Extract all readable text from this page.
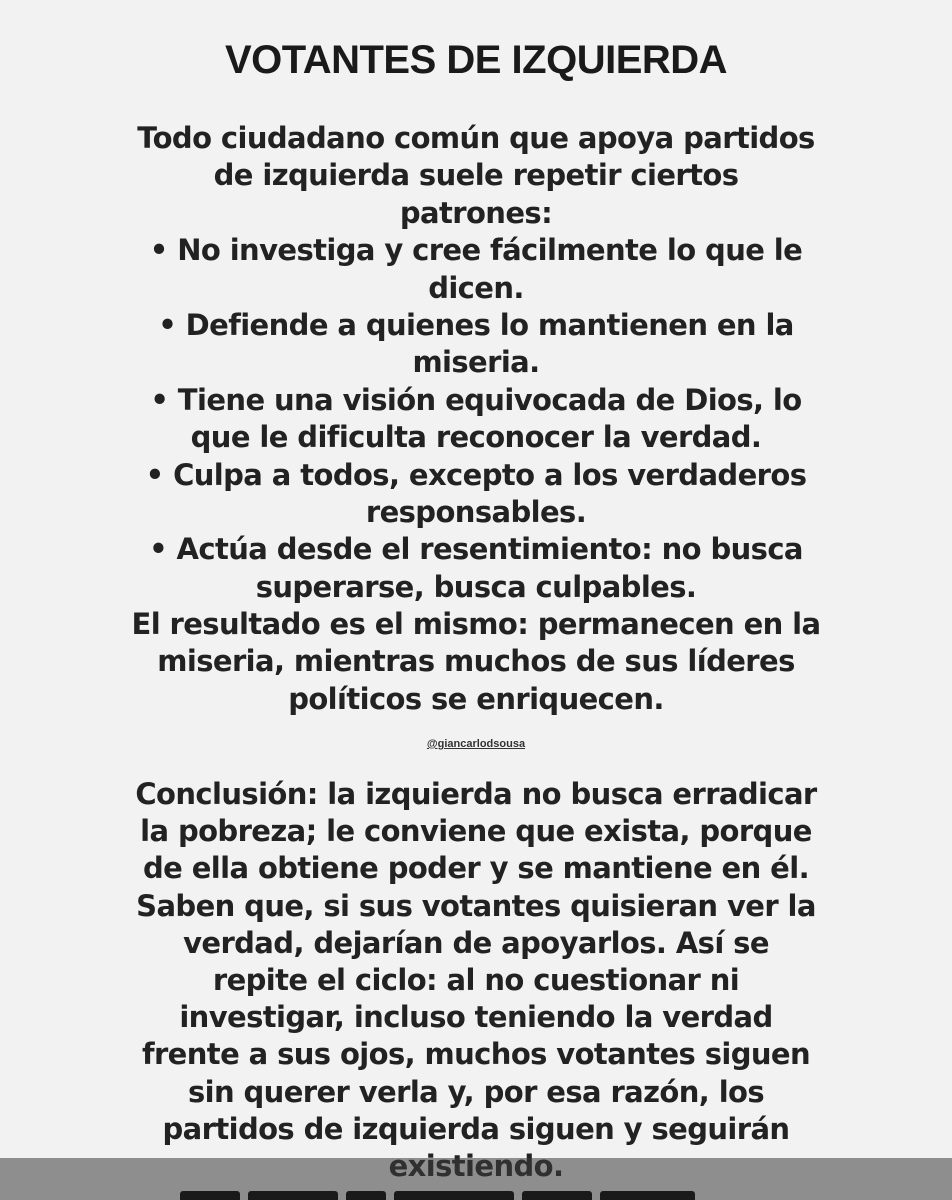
VOTANTES DE IZQUIERDA
Todo ciudadano común que apoya partidos
de izquierda suele repetir ciertos
patrones:
• No investiga y cree fácilmente lo que le
dicen.
• Defiende a quienes lo mantienen en la
miseria.
• Tiene una visión equivocada de Dios, lo
que le dificulta reconocer la verdad.
• Culpa a todos, excepto a los verdaderos
responsables.
• Actúa desde el resentimiento: no busca
superarse, busca culpables.
El resultado es el mismo: permanecen en la
miseria, mientras muchos de sus líderes
políticos se enriquecen.
@giancarlodsousa
Conclusión: la izquierda no busca erradicar
la pobreza; le conviene que exista, porque
de ella obtiene poder y se mantiene en él.
Saben que, si sus votantes quisieran ver la
verdad, dejarían de apoyarlos. Así se
repite el ciclo: al no cuestionar ni
investigar, incluso teniendo la verdad
frente a sus ojos, muchos votantes siguen
sin querer verla y, por esa razón, los
partidos de izquierda siguen y seguirán
